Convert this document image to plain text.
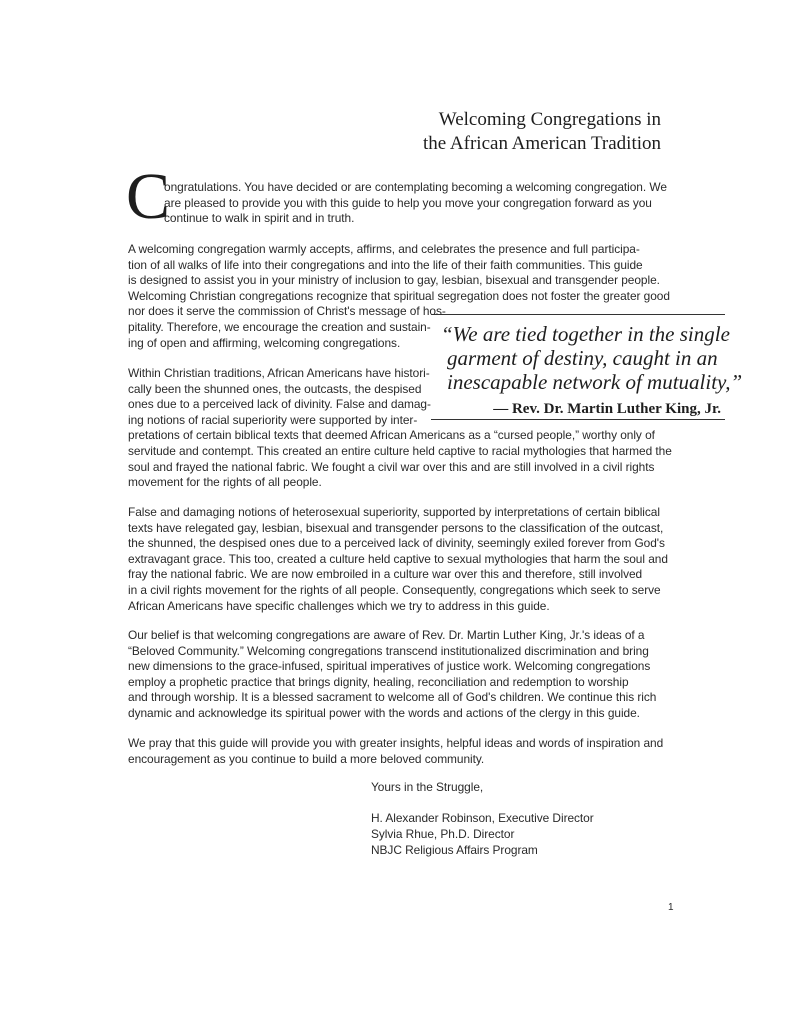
Welcoming Congregations in
the African American Tradition
C
ongratulations. You have decided or are contemplating becoming a welcoming congregation. We
are pleased to provide you with this guide to help you move your congregation forward as you
continue to walk in spirit and in truth.
A welcoming congregation warmly accepts, affirms, and celebrates the presence and full participa-
tion of all walks of life into their congregations and into the life of their faith communities. This guide
is designed to assist you in your ministry of inclusion to gay, lesbian, bisexual and transgender people.
Welcoming Christian congregations recognize that spiritual segregation does not foster the greater good
nor does it serve the commission of Christ's message of hos-
pitality. Therefore, we encourage the creation and sustain-
ing of open and affirming, welcoming congregations.
Within Christian traditions, African Americans have histori-
cally been the shunned ones, the outcasts, the despised
ones due to a perceived lack of divinity. False and damag-
ing notions of racial superiority were supported by inter-
pretations of certain biblical texts that deemed African Americans as a “cursed people,” worthy only of
servitude and contempt. This created an entire culture held captive to racial mythologies that harmed the
soul and frayed the national fabric. We fought a civil war over this and are still involved in a civil rights
movement for the rights of all people.
False and damaging notions of heterosexual superiority, supported by interpretations of certain biblical
texts have relegated gay, lesbian, bisexual and transgender persons to the classification of the outcast,
the shunned, the despised ones due to a perceived lack of divinity, seemingly exiled forever from God's
extravagant grace. This too, created a culture held captive to sexual mythologies that harm the soul and
fray the national fabric. We are now embroiled in a culture war over this and therefore, still involved
in a civil rights movement for the rights of all people. Consequently, congregations which seek to serve
African Americans have specific challenges which we try to address in this guide.
Our belief is that welcoming congregations are aware of Rev. Dr. Martin Luther King, Jr.'s ideas of a
“Beloved Community.” Welcoming congregations transcend institutionalized discrimination and bring
new dimensions to the grace-infused, spiritual imperatives of justice work. Welcoming congregations
employ a prophetic practice that brings dignity, healing, reconciliation and redemption to worship
and through worship. It is a blessed sacrament to welcome all of God's children. We continue this rich
dynamic and acknowledge its spiritual power with the words and actions of the clergy in this guide.
We pray that this guide will provide you with greater insights, helpful ideas and words of inspiration and
encouragement as you continue to build a more beloved community.
“We are tied together in the single
garment of destiny, caught in an
inescapable network of mutuality,”
— Rev. Dr. Martin Luther King, Jr.
Yours in the Struggle,
H. Alexander Robinson, Executive Director
Sylvia Rhue, Ph.D. Director
NBJC Religious Affairs Program
1
